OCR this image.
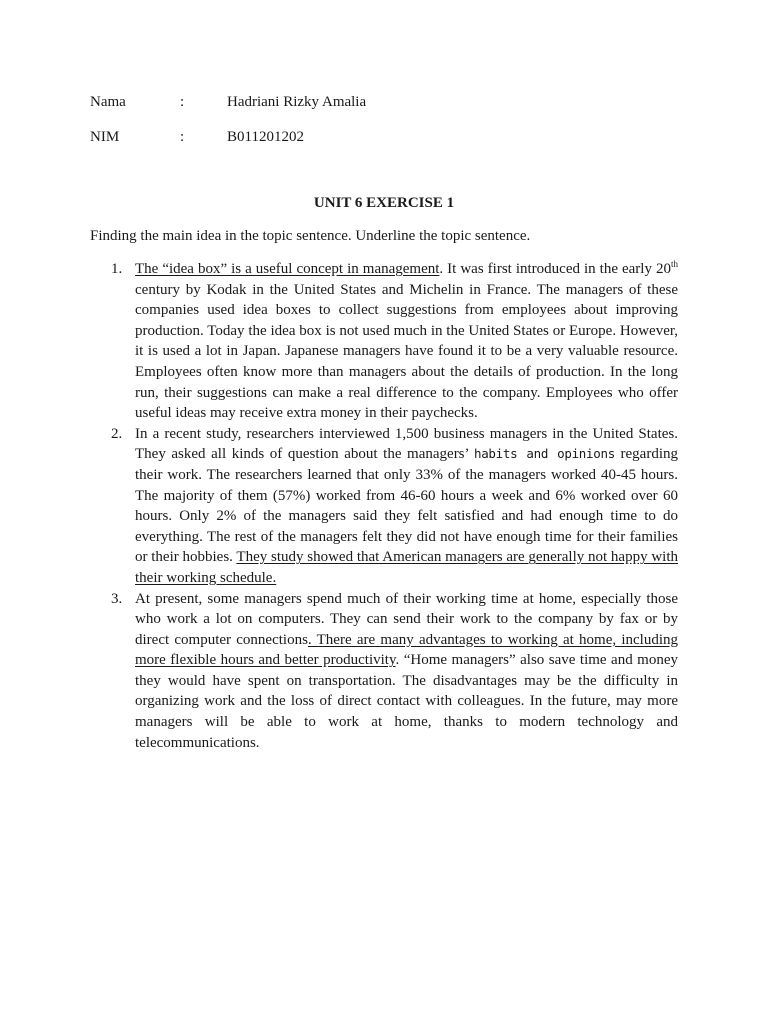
Nama	:	Hadriani Rizky Amalia
NIM	:	B011201202
UNIT 6 EXERCISE 1
Finding the main idea in the topic sentence. Underline the topic sentence.
1. The “idea box” is a useful concept in management. It was first introduced in the early 20th century by Kodak in the United States and Michelin in France. The managers of these companies used idea boxes to collect suggestions from employees about improving production. Today the idea box is not used much in the United States or Europe. However, it is used a lot in Japan. Japanese managers have found it to be a very valuable resource. Employees often know more than managers about the details of production. In the long run, their suggestions can make a real difference to the company. Employees who offer useful ideas may receive extra money in their paychecks.
2. In a recent study, researchers interviewed 1,500 business managers in the United States. They asked all kinds of question about the managers’ habits and opinions regarding their work. The researchers learned that only 33% of the managers worked 40-45 hours. The majority of them (57%) worked from 46-60 hours a week and 6% worked over 60 hours. Only 2% of the managers said they felt satisfied and had enough time to do everything. The rest of the managers felt they did not have enough time for their families or their hobbies. They study showed that American managers are generally not happy with their working schedule.
3. At present, some managers spend much of their working time at home, especially those who work a lot on computers. They can send their work to the company by fax or by direct computer connections. There are many advantages to working at home, including more flexible hours and better productivity. “Home managers” also save time and money they would have spent on transportation. The disadvantages may be the difficulty in organizing work and the loss of direct contact with colleagues. In the future, may more managers will be able to work at home, thanks to modern technology and telecommunications.
